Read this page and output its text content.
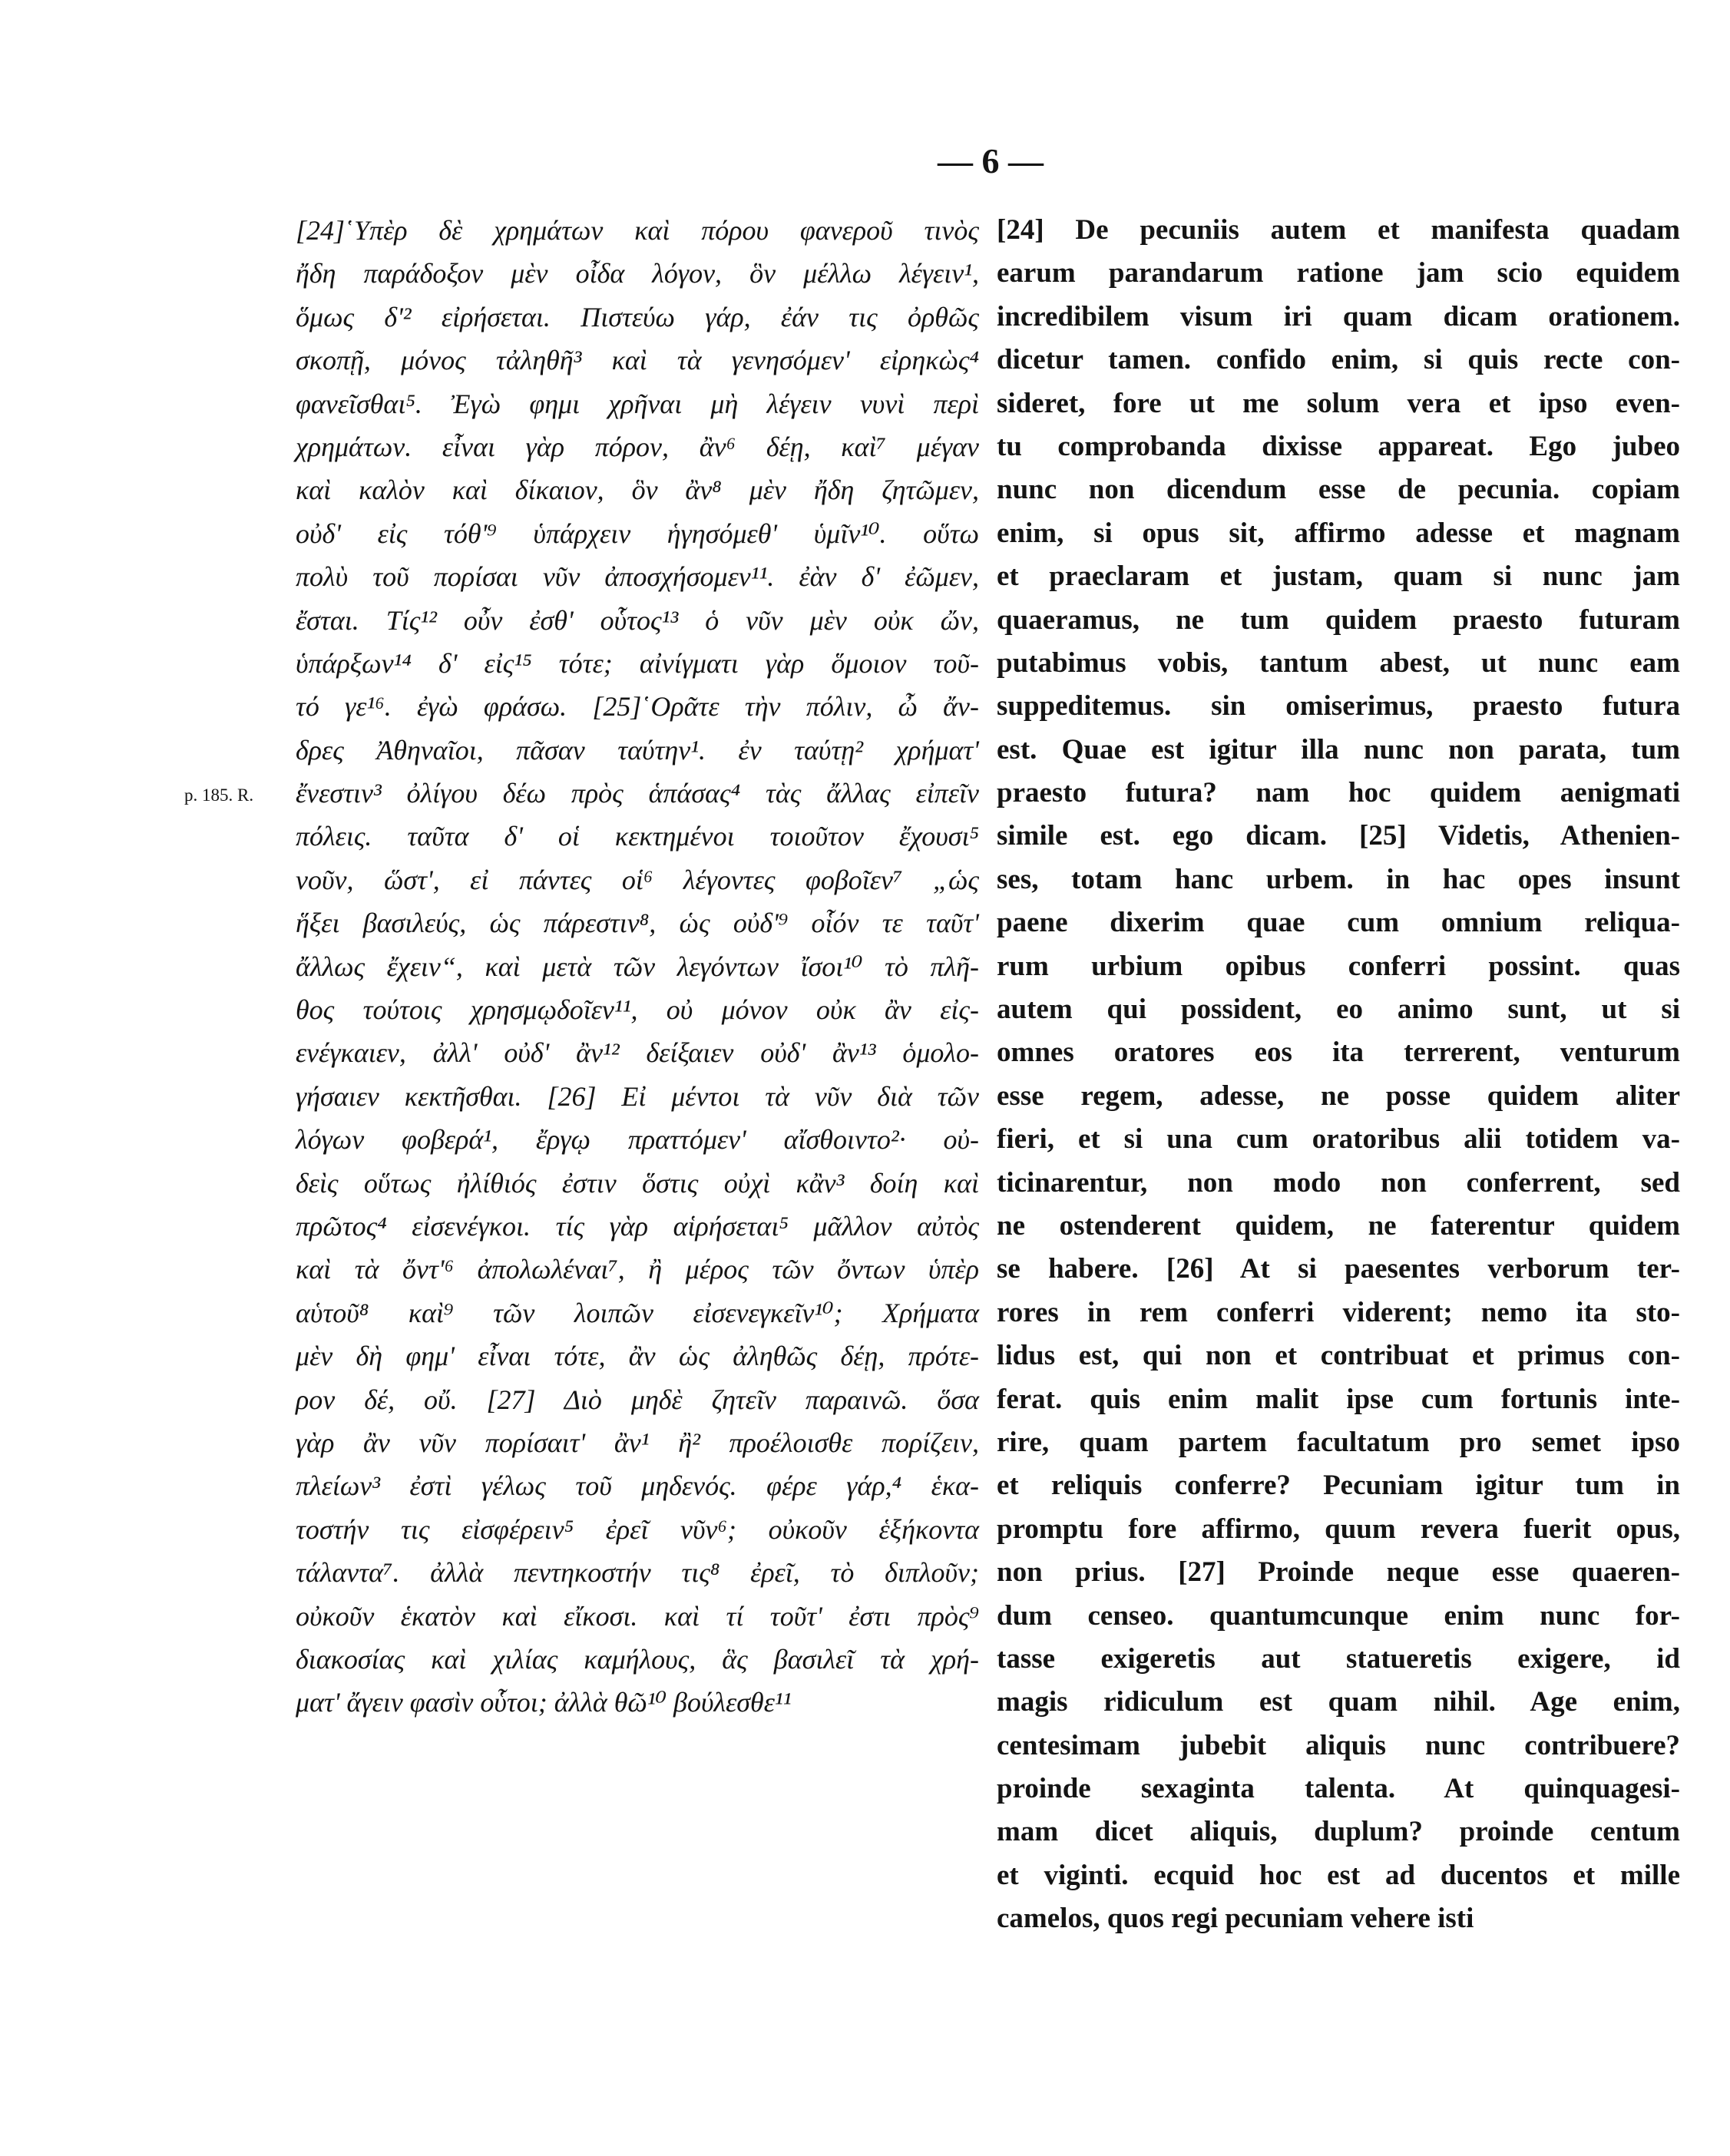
— 6 —
p. 185. R.
[24]῾Υπὲρ δὲ χρημάτων καὶ πόρου φανεροῦ τινὸς
ἤδη παράδοξον μὲν οἶδα λόγον, ὃν μέλλω λέγειν¹,
ὅμως δ'² εἰρήσεται. Πιστεύω γάρ, ἐάν τις ὀρθῶς
σκοπῇ, μόνος τἀληθῆ³ καὶ τὰ γενησόμεν' εἰρηκὼς⁴
φανεῖσθαι⁵. Ἐγὼ φημι χρῆναι μὴ λέγειν νυνὶ περὶ
χρημάτων. εἶναι γὰρ πόρον, ἂν⁶ δέῃ, καὶ⁷ μέγαν
καὶ καλὸν καὶ δίκαιον, ὃν ἂν⁸ μὲν ἤδη ζητῶμεν,
οὐδ' εἰς τόθ'⁹ ὑπάρχειν ἡγησόμεθ' ὑμῖν¹⁰. οὕτω
πολὺ τοῦ πορίσαι νῦν ἀποσχήσομεν¹¹. ἐὰν δ' ἐῶμεν,
ἔσται. Τίς¹² οὖν ἐσθ' οὗτος¹³ ὁ νῦν μὲν οὐκ ὤν,
ὑπάρξων¹⁴ δ' εἰς¹⁵ τότε; αἰνίγματι γὰρ ὅμοιον τοῦ-
τό γε¹⁶. ἐγὼ φράσω. [25]῾Ορᾶτε τὴν πόλιν, ὦ ἄν-
δρες Ἀθηναῖοι, πᾶσαν ταύτην¹. ἐν ταύτῃ² χρήματ'
ἔνεστιν³ ὀλίγου δέω πρὸς ἁπάσας⁴ τὰς ἄλλας εἰπεῖν
πόλεις. ταῦτα δ' οἱ κεκτημένοι τοιοῦτον ἔχουσι⁵
νοῦν, ὥστ', εἰ πάντες οἱ⁶ λέγοντες φοβοῖεν⁷ „ὡς
ἥξει βασιλεύς, ὡς πάρεστιν⁸, ὡς οὐδ'⁹ οἷόν τε ταῦτ'
ἄλλως ἔχειν“, καὶ μετὰ τῶν λεγόντων ἴσοι¹⁰ τὸ πλῆ-
θος τούτοις χρησμῳδοῖεν¹¹, οὐ μόνον οὐκ ἂν εἰς-
ενέγκαιεν, ἀλλ' οὐδ' ἂν¹² δείξαιεν οὐδ' ἂν¹³ ὁμολο-
γήσαιεν κεκτῆσθαι. [26] Εἰ μέντοι τὰ νῦν διὰ τῶν
λόγων φοβερά¹, ἔργῳ πραττόμεν' αἴσθοιντο²· οὐ-
δεὶς οὕτως ἠλίθιός ἐστιν ὅστις οὐχὶ κἂν³ δοίη καὶ
πρῶτος⁴ εἰσενέγκοι. τίς γὰρ αἱρήσεται⁵ μᾶλλον αὐτὸς
καὶ τὰ ὄντ'⁶ ἀπολωλέναι⁷, ἢ μέρος τῶν ὄντων ὑπὲρ
αὑτοῦ⁸ καὶ⁹ τῶν λοιπῶν εἰσενεγκεῖν¹⁰; Χρήματα
μὲν δὴ φημ' εἶναι τότε, ἂν ὡς ἀληθῶς δέῃ, πρότε-
ρον δέ, οὔ. [27] Διὸ μηδὲ ζητεῖν παραινῶ. ὅσα
γὰρ ἂν νῦν πορίσαιτ' ἂν¹ ἢ² προέλοισθε πορίζειν,
πλείων³ ἐστὶ γέλως τοῦ μηδενός. φέρε γάρ,⁴ ἑκα-
τοστήν τις εἰσφέρειν⁵ ἐρεῖ νῦν⁶; οὐκοῦν ἑξήκοντα
τάλαντα⁷. ἀλλὰ πεντηκοστήν τις⁸ ἐρεῖ, τὸ διπλοῦν;
οὐκοῦν ἑκατὸν καὶ εἴκοσι. καὶ τί τοῦτ' ἐστι πρὸς⁹
διακοσίας καὶ χιλίας καμήλους, ἃς βασιλεῖ τὰ χρή-
ματ' ἄγειν φασὶν οὗτοι; ἀλλὰ θῶ¹⁰ βούλεσθε¹¹
[24] De pecuniis autem et manifesta quadam
earum parandarum ratione jam scio equidem
incredibilem visum iri quam dicam orationem.
dicetur tamen. confido enim, si quis recte con-
sideret, fore ut me solum vera et ipso even-
tu comprobanda dixisse appareat. Ego jubeo
nunc non dicendum esse de pecunia. copiam
enim, si opus sit, affirmo adesse et magnam
et praeclaram et justam, quam si nunc jam
quaeramus, ne tum quidem praesto futuram
putabimus vobis, tantum abest, ut nunc eam
suppeditemus. sin omiserimus, praesto futura
est. Quae est igitur illa nunc non parata, tum
praesto futura? nam hoc quidem aenigmati
simile est. ego dicam. [25] Videtis, Athenien-
ses, totam hanc urbem. in hac opes insunt
paene dixerim quae cum omnium reliqua-
rum urbium opibus conferri possint. quas
autem qui possident, eo animo sunt, ut si
omnes oratores eos ita terrerent, venturum
esse regem, adesse, ne posse quidem aliter
fieri, et si una cum oratoribus alii totidem va-
ticinarentur, non modo non conferrent, sed
ne ostenderent quidem, ne faterentur quidem
se habere. [26] At si paesentes verborum ter-
rores in rem conferri viderent; nemo ita sto-
lidus est, qui non et contribuat et primus con-
ferat. quis enim malit ipse cum fortunis inte-
rire, quam partem facultatum pro semet ipso
et reliquis conferre? Pecuniam igitur tum in
promptu fore affirmo, quum revera fuerit opus,
non prius. [27] Proinde neque esse quaeren-
dum censeo. quantumcunque enim nunc for-
tasse exigeretis aut statueretis exigere, id
magis ridiculum est quam nihil. Age enim,
centesimam jubebit aliquis nunc contribuere?
proinde sexaginta talenta. At quinquagesi-
mam dicet aliquis, duplum? proinde centum
et viginti. ecquid hoc est ad ducentos et mille
camelos, quos regi pecuniam vehere isti
